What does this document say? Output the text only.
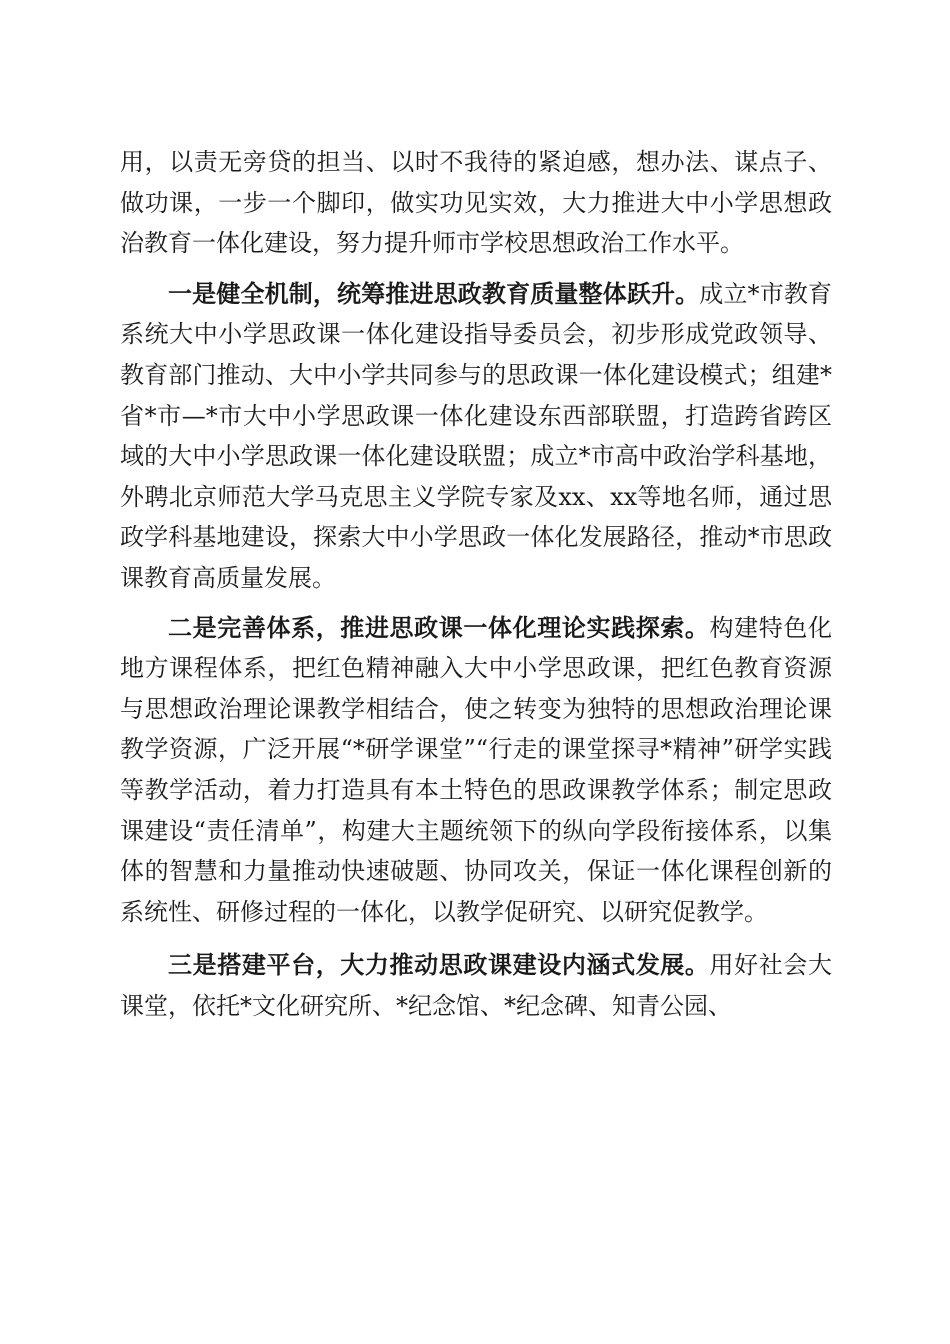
用，以责无旁贷的担当、以时不我待的紧迫感，想办法、谋点子、做功课，一步一个脚印，做实功见实效，大力推进大中小学思想政治教育一体化建设，努力提升师市学校思想政治工作水平。

一是健全机制，统筹推进思政教育质量整体跃升。成立*市教育系统大中小学思政课一体化建设指导委员会，初步形成党政领导、教育部门推动、大中小学共同参与的思政课一体化建设模式；组建*省*市—*市大中小学思政课一体化建设东西部联盟，打造跨省跨区域的大中小学思政课一体化建设联盟；成立*市高中政治学科基地，外聘北京师范大学马克思主义学院专家及xx、xx等地名师，通过思政学科基地建设，探索大中小学思政一体化发展路径，推动*市思政课教育高质量发展。

二是完善体系，推进思政课一体化理论实践探索。构建特色化地方课程体系，把红色精神融入大中小学思政课，把红色教育资源与思想政治理论课教学相结合，使之转变为独特的思想政治理论课教学资源，广泛开展“*研学课堂”“行走的课堂探寻*精神”研学实践等教学活动，着力打造具有本土特色的思政课教学体系；制定思政课建设“责任清单”，构建大主题统领下的纵向学段衔接体系，以集体的智慧和力量推动快速破题、协同攻关，保证一体化课程创新的系统性、研修过程的一体化，以教学促研究、以研究促教学。

三是搭建平台，大力推动思政课建设内涵式发展。用好社会大课堂，依托*文化研究所、*纪念馆、*纪念碑、知青公园、
